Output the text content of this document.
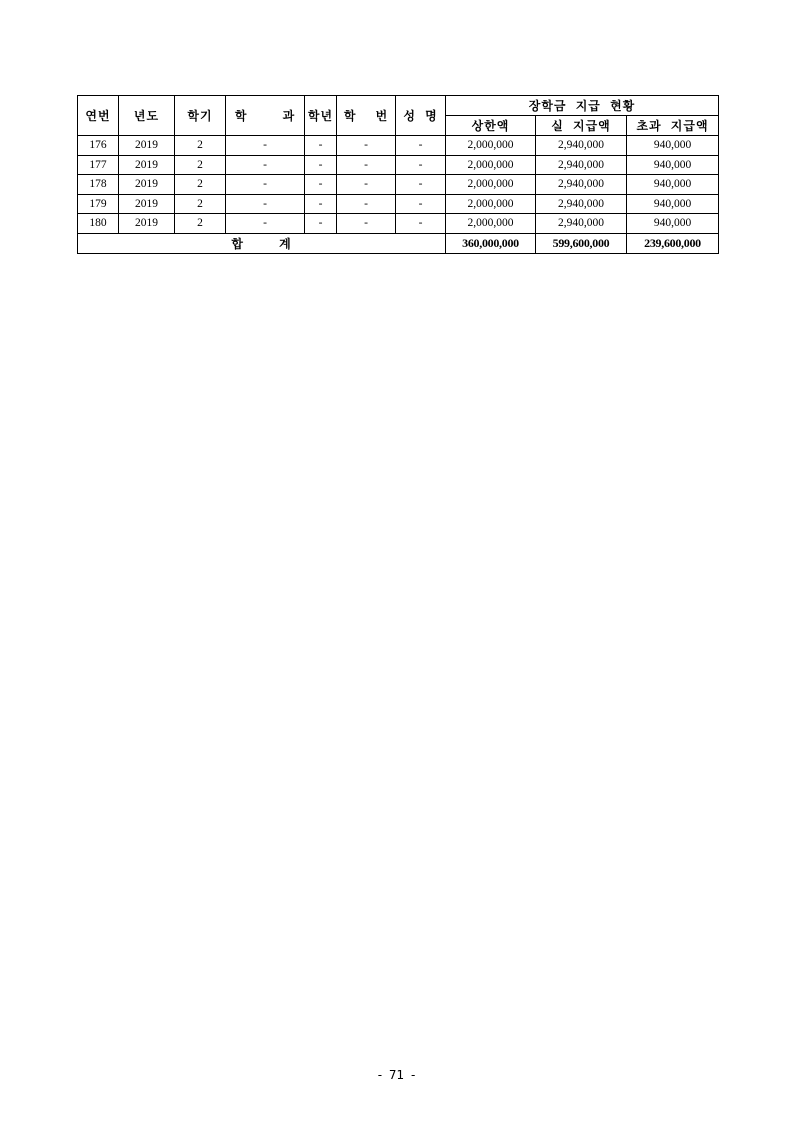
연번	년도	학기	학 과	학년	학 번	성 명	장학금 지급 현황		
							상한액	실 지급액	초과 지급액
176	2019	2	-	-	-	-	2,000,000	2,940,000	940,000
177	2019	2	-	-	-	-	2,000,000	2,940,000	940,000
178	2019	2	-	-	-	-	2,000,000	2,940,000	940,000
179	2019	2	-	-	-	-	2,000,000	2,940,000	940,000
180	2019	2	-	-	-	-	2,000,000	2,940,000	940,000
합 계							360,000,000	599,600,000	239,600,000
- 71 -
